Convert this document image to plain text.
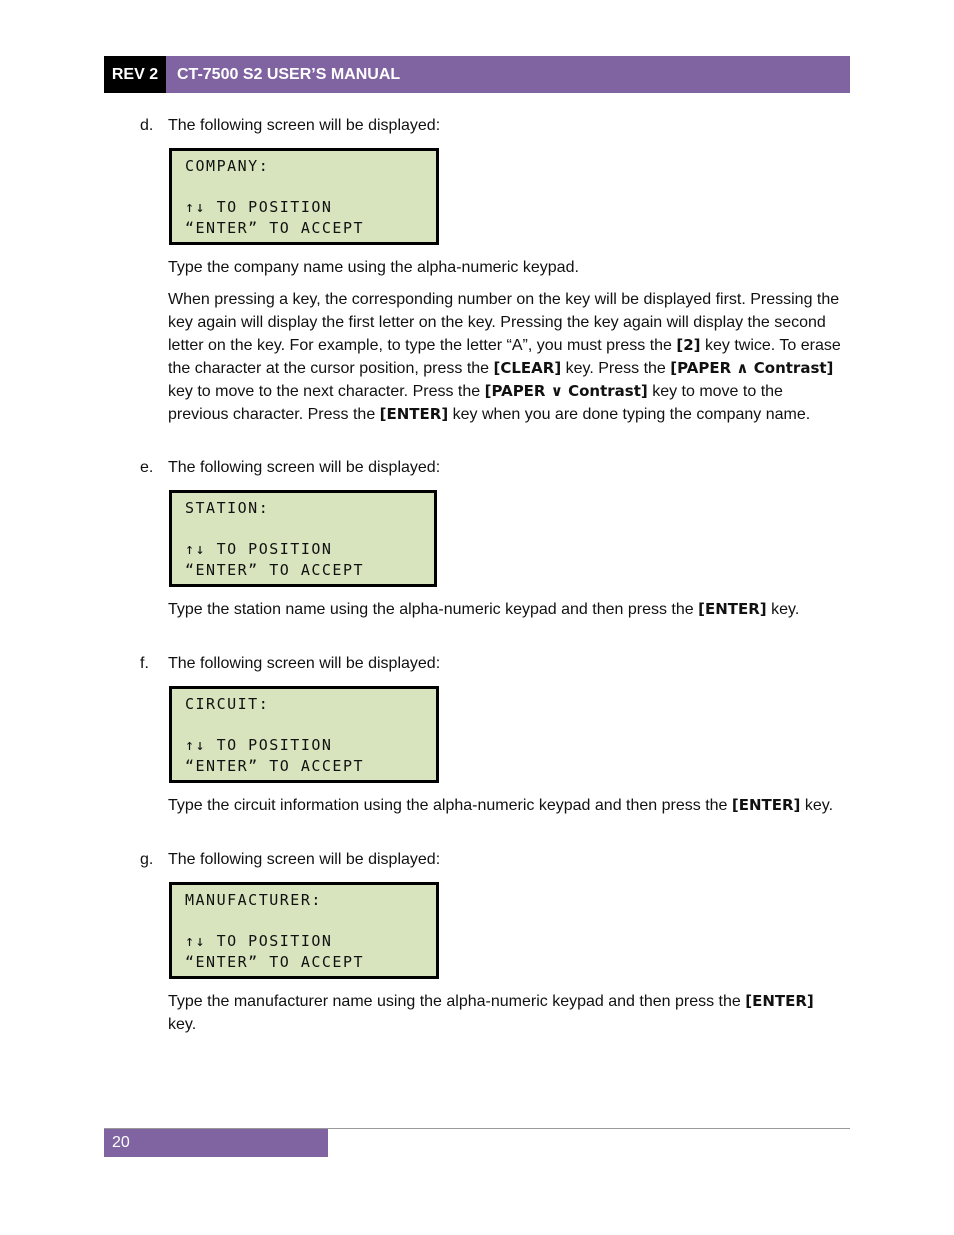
REV 2	CT-7500 S2 USER’S MANUAL
d. The following screen will be displayed:
COMPANY:
↑↓ TO POSITION
“ENTER” TO ACCEPT
Type the company name using the alpha-numeric keypad.
When pressing a key, the corresponding number on the key will be displayed first. Pressing the key again will display the first letter on the key. Pressing the key again will display the second letter on the key. For example, to type the letter “A”, you must press the [2] key twice. To erase the character at the cursor position, press the [CLEAR] key. Press the [PAPER ∧ Contrast] key to move to the next character. Press the [PAPER ∨ Contrast] key to move to the previous character. Press the [ENTER] key when you are done typing the company name.
e. The following screen will be displayed:
STATION:
↑↓ TO POSITION
“ENTER” TO ACCEPT
Type the station name using the alpha-numeric keypad and then press the [ENTER] key.
f. The following screen will be displayed:
CIRCUIT:
↑↓ TO POSITION
“ENTER” TO ACCEPT
Type the circuit information using the alpha-numeric keypad and then press the [ENTER] key.
g. The following screen will be displayed:
MANUFACTURER:
↑↓ TO POSITION
“ENTER” TO ACCEPT
Type the manufacturer name using the alpha-numeric keypad and then press the [ENTER] key.
20
